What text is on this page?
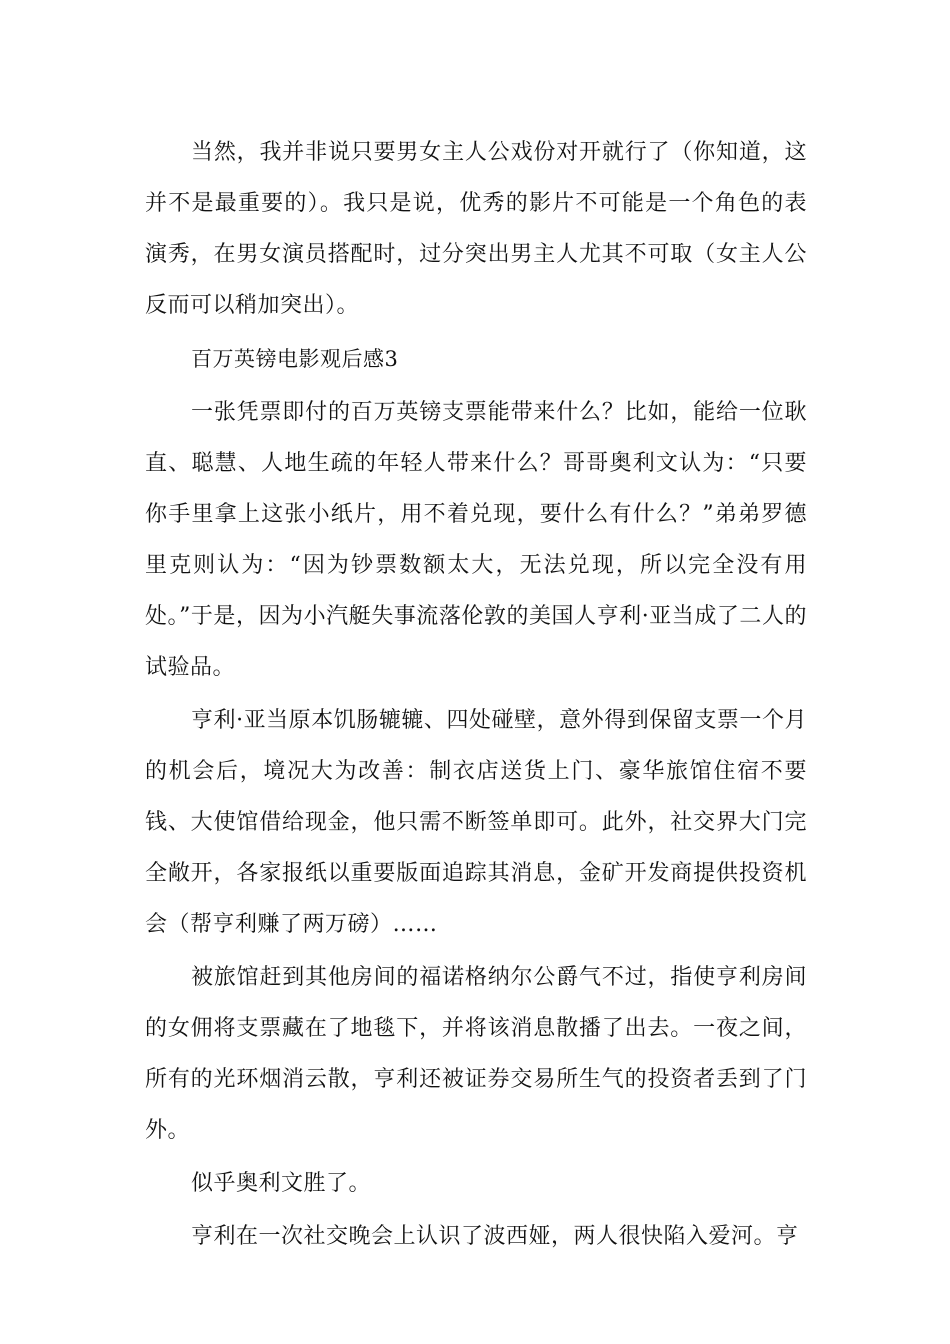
当然，我并非说只要男女主人公戏份对开就行了（你知道，这并不是最重要的）。我只是说，优秀的影片不可能是一个角色的表演秀，在男女演员搭配时，过分突出男主人尤其不可取（女主人公反而可以稍加突出）。

百万英镑电影观后感3

一张凭票即付的百万英镑支票能带来什么？比如，能给一位耿直、聪慧、人地生疏的年轻人带来什么？哥哥奥利文认为：“只要你手里拿上这张小纸片，用不着兑现，要什么有什么？”弟弟罗德里克则认为：“因为钞票数额太大，无法兑现，所以完全没有用处。”于是，因为小汽艇失事流落伦敦的美国人亨利·亚当成了二人的试验品。

亨利·亚当原本饥肠辘辘、四处碰壁，意外得到保留支票一个月的机会后，境况大为改善：制衣店送货上门、豪华旅馆住宿不要钱、大使馆借给现金，他只需不断签单即可。此外，社交界大门完全敞开，各家报纸以重要版面追踪其消息，金矿开发商提供投资机会（帮亨利赚了两万磅）……

被旅馆赶到其他房间的福诺格纳尔公爵气不过，指使亨利房间的女佣将支票藏在了地毯下，并将该消息散播了出去。一夜之间，所有的光环烟消云散，亨利还被证券交易所生气的投资者丢到了门外。

似乎奥利文胜了。

亨利在一次社交晚会上认识了波西娅，两人很快陷入爱河。亨
